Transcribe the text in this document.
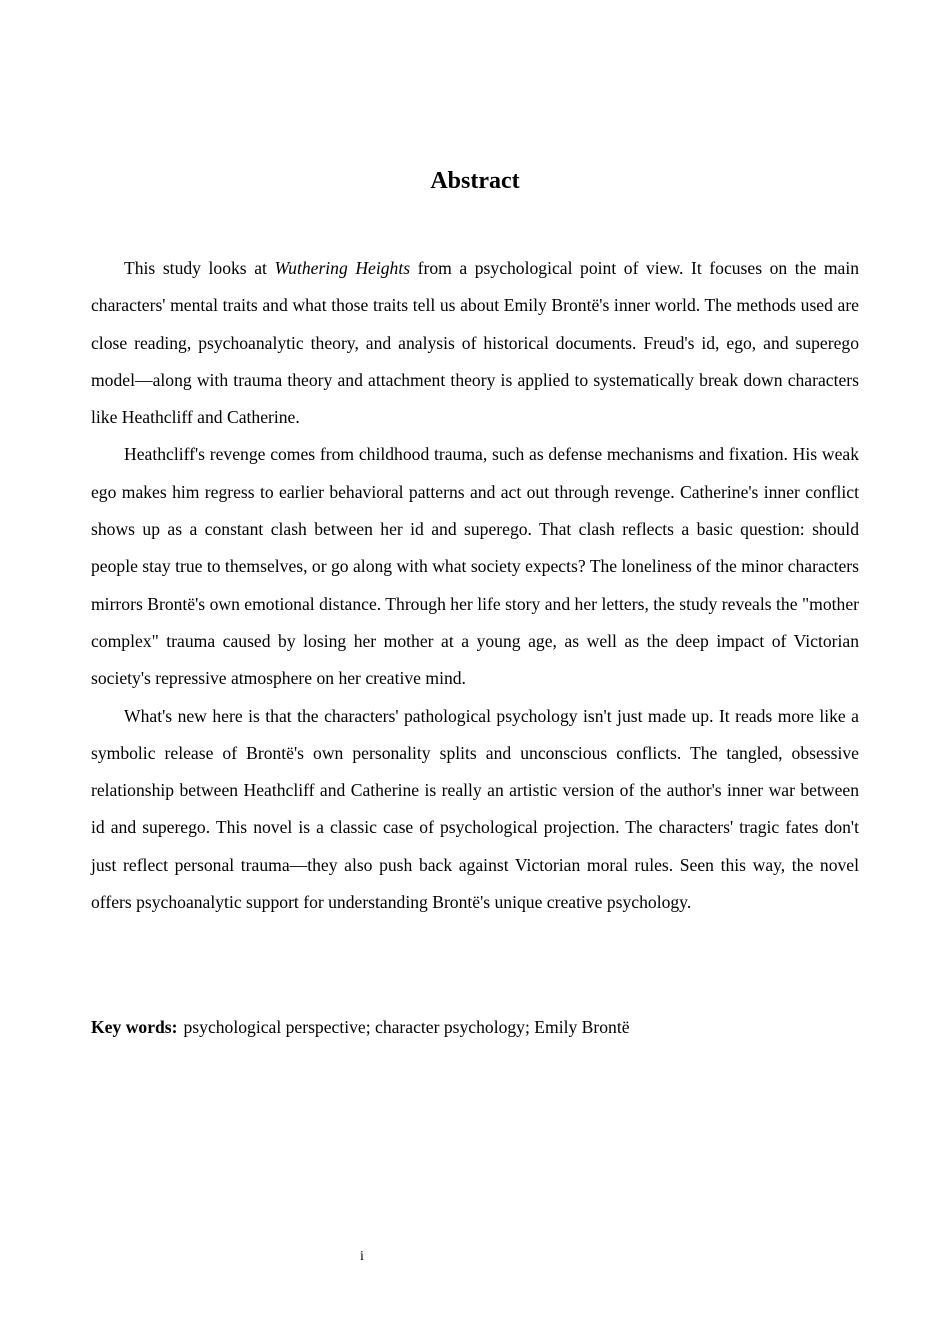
Abstract

This study looks at Wuthering Heights from a psychological point of view. It focuses on the main characters' mental traits and what those traits tell us about Emily Brontë's inner world. The methods used are close reading, psychoanalytic theory, and analysis of historical documents. Freud's id, ego, and superego model—along with trauma theory and attachment theory is applied to systematically break down characters like Heathcliff and Catherine.

Heathcliff's revenge comes from childhood trauma, such as defense mechanisms and fixation. His weak ego makes him regress to earlier behavioral patterns and act out through revenge. Catherine's inner conflict shows up as a constant clash between her id and superego. That clash reflects a basic question: should people stay true to themselves, or go along with what society expects? The loneliness of the minor characters mirrors Brontë's own emotional distance. Through her life story and her letters, the study reveals the "mother complex" trauma caused by losing her mother at a young age, as well as the deep impact of Victorian society's repressive atmosphere on her creative mind.

What's new here is that the characters' pathological psychology isn't just made up. It reads more like a symbolic release of Brontë's own personality splits and unconscious conflicts. The tangled, obsessive relationship between Heathcliff and Catherine is really an artistic version of the author's inner war between id and superego. This novel is a classic case of psychological projection. The characters' tragic fates don't just reflect personal trauma—they also push back against Victorian moral rules. Seen this way, the novel offers psychoanalytic support for understanding Brontë's unique creative psychology.

Key words: psychological perspective; character psychology; Emily Brontë

i
